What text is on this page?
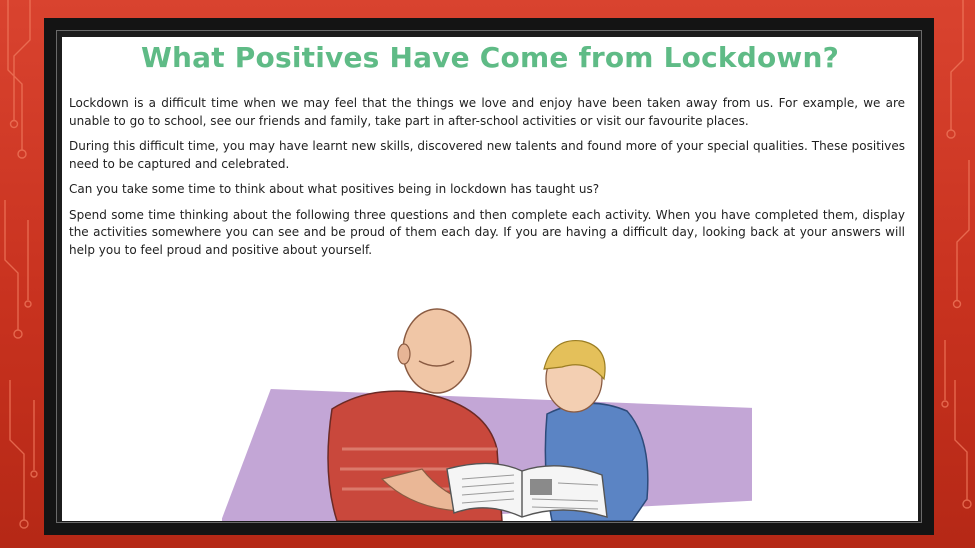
What Positives Have Come from Lockdown?

Lockdown is a difficult time when we may feel that the things we love and enjoy have been taken away from us. For example, we are unable to go to school, see our friends and family, take part in after-school activities or visit our favourite places.

During this difficult time, you may have learnt new skills, discovered new talents and found more of your special qualities. These positives need to be captured and celebrated.

Can you take some time to think about what positives being in lockdown has taught us?

Spend some time thinking about the following three questions and then complete each activity. When you have completed them, display the activities somewhere you can see and be proud of them each day. If you are having a difficult day, looking back at your answers will help you to feel proud and positive about yourself.
